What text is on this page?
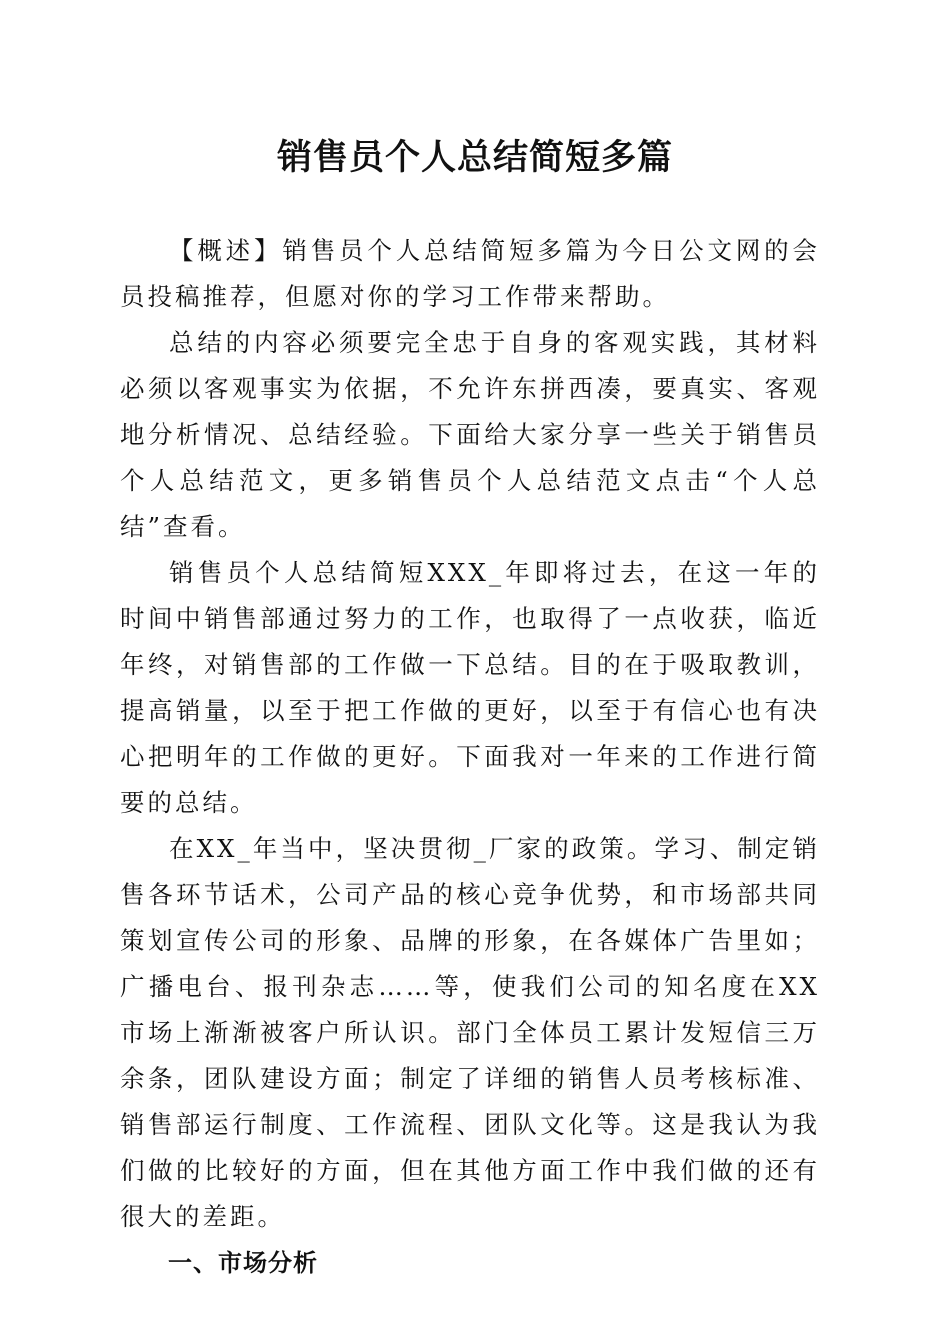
销售员个人总结简短多篇

【概述】销售员个人总结简短多篇为今日公文网的会员投稿推荐，但愿对你的学习工作带来帮助。

总结的内容必须要完全忠于自身的客观实践，其材料必须以客观事实为依据，不允许东拼西凑，要真实、客观地分析情况、总结经验。下面给大家分享一些关于销售员个人总结范文，更多销售员个人总结范文点击“个人总结”查看。

销售员个人总结简短XXX_年即将过去，在这一年的时间中销售部通过努力的工作，也取得了一点收获，临近年终，对销售部的工作做一下总结。目的在于吸取教训，提高销量，以至于把工作做的更好，以至于有信心也有决心把明年的工作做的更好。下面我对一年来的工作进行简要的总结。

在XX_年当中，坚决贯彻_厂家的政策。学习、制定销售各环节话术，公司产品的核心竞争优势，和市场部共同策划宣传公司的形象、品牌的形象，在各媒体广告里如；广播电台、报刊杂志……等，使我们公司的知名度在XX市场上渐渐被客户所认识。部门全体员工累计发短信三万余条，团队建设方面；制定了详细的销售人员考核标准、销售部运行制度、工作流程、团队文化等。这是我认为我们做的比较好的方面，但在其他方面工作中我们做的还有很大的差距。

一、市场分析
